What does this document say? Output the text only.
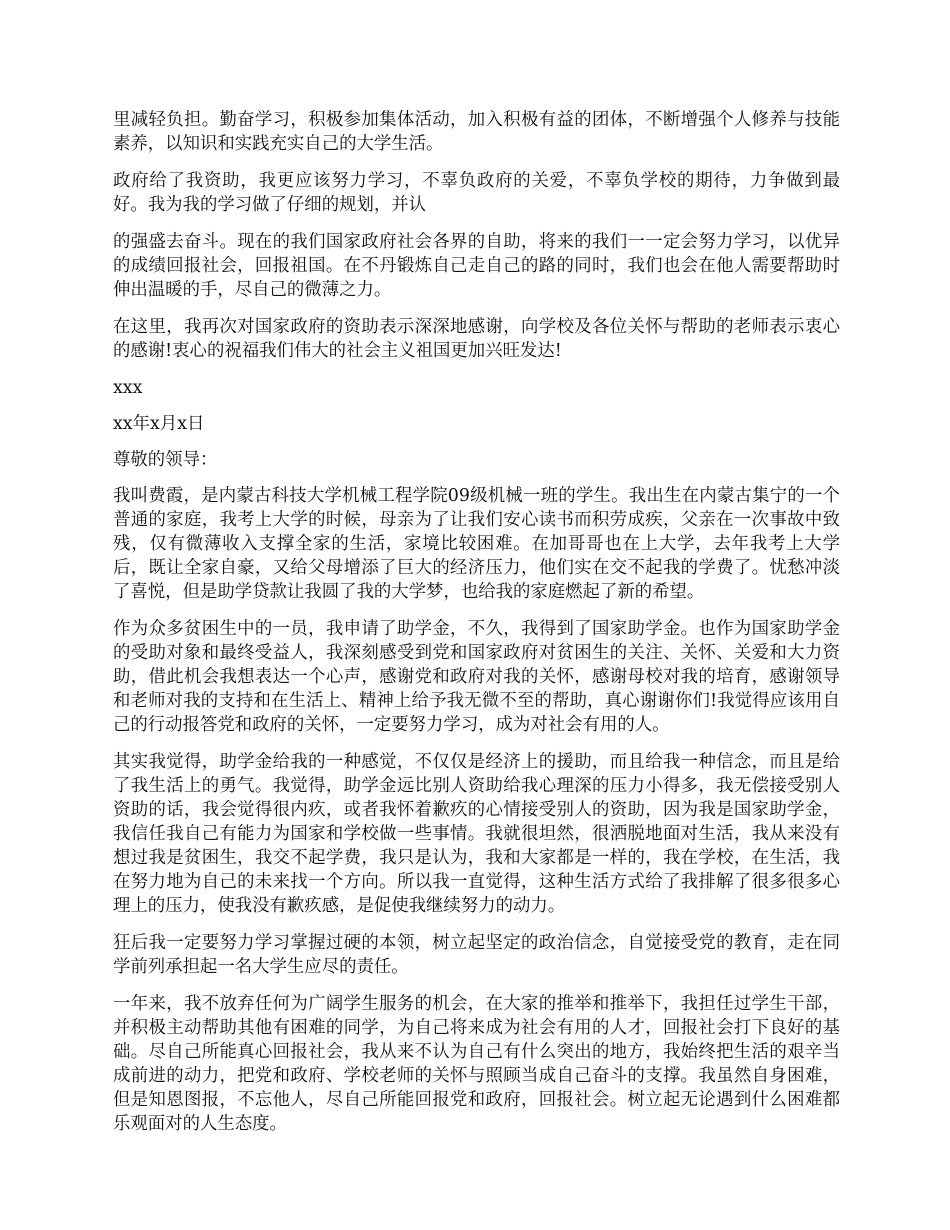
里减轻负担。勤奋学习，积极参加集体活动，加入积极有益的团体，不断增强个人修养与技能素养，以知识和实践充实自己的大学生活。

政府给了我资助，我更应该努力学习，不辜负政府的关爱，不辜负学校的期待，力争做到最好。我为我的学习做了仔细的规划，并认

的强盛去奋斗。现在的我们国家政府社会各界的自助，将来的我们一一定会努力学习，以优异的成绩回报社会，回报祖国。在不丹锻炼自己走自己的路的同时，我们也会在他人需要帮助时伸出温暖的手，尽自己的微薄之力。

在这里，我再次对国家政府的资助表示深深地感谢，向学校及各位关怀与帮助的老师表示衷心的感谢!衷心的祝福我们伟大的社会主义祖国更加兴旺发达!

xxx

xx年x月x日

尊敬的领导：

我叫费霞，是内蒙古科技大学机械工程学院09级机械一班的学生。我出生在内蒙古集宁的一个普通的家庭，我考上大学的时候，母亲为了让我们安心读书而积劳成疾，父亲在一次事故中致残，仅有微薄收入支撑全家的生活，家境比较困难。在加哥哥也在上大学，去年我考上大学后，既让全家自豪，又给父母增添了巨大的经济压力，他们实在交不起我的学费了。忧愁冲淡了喜悦，但是助学贷款让我圆了我的大学梦，也给我的家庭燃起了新的希望。

作为众多贫困生中的一员，我申请了助学金，不久，我得到了国家助学金。也作为国家助学金的受助对象和最终受益人，我深刻感受到党和国家政府对贫困生的关注、关怀、关爱和大力资助，借此机会我想表达一个心声，感谢党和政府对我的关怀，感谢母校对我的培育，感谢领导和老师对我的支持和在生活上、精神上给予我无微不至的帮助，真心谢谢你们!我觉得应该用自己的行动报答党和政府的关怀，一定要努力学习，成为对社会有用的人。

其实我觉得，助学金给我的一种感觉，不仅仅是经济上的援助，而且给我一种信念，而且是给了我生活上的勇气。我觉得，助学金远比别人资助给我心理深的压力小得多，我无偿接受别人资助的话，我会觉得很内疚，或者我怀着歉疚的心情接受别人的资助，因为我是国家助学金，我信任我自己有能力为国家和学校做一些事情。我就很坦然，很洒脱地面对生活，我从来没有想过我是贫困生，我交不起学费，我只是认为，我和大家都是一样的，我在学校，在生活，我在努力地为自己的未来找一个方向。所以我一直觉得，这种生活方式给了我排解了很多很多心理上的压力，使我没有歉疚感，是促使我继续努力的动力。

狂后我一定要努力学习掌握过硬的本领，树立起坚定的政治信念，自觉接受党的教育，走在同学前列承担起一名大学生应尽的责任。

一年来，我不放弃任何为广阔学生服务的机会，在大家的推举和推举下，我担任过学生干部，并积极主动帮助其他有困难的同学，为自己将来成为社会有用的人才，回报社会打下良好的基础。尽自己所能真心回报社会，我从来不认为自己有什么突出的地方，我始终把生活的艰辛当成前进的动力，把党和政府、学校老师的关怀与照顾当成自己奋斗的支撑。我虽然自身困难，但是知恩图报，不忘他人，尽自己所能回报党和政府，回报社会。树立起无论遇到什么困难都乐观面对的人生态度。
